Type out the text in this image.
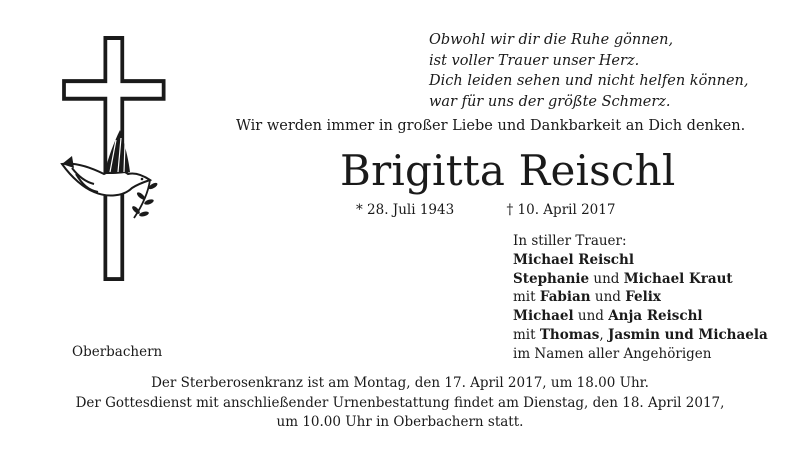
Obwohl wir dir die Ruhe gönnen,
ist voller Trauer unser Herz.
Dich leiden sehen und nicht helfen können,
war für uns der größte Schmerz.
Wir werden immer in großer Liebe und Dankbarkeit an Dich denken.
Brigitta Reischl
* 28. Juli 1943	† 10. April 2017
In stiller Trauer:
Michael Reischl
Stephanie und Michael Kraut
mit Fabian und Felix
Michael und Anja Reischl
mit Thomas, Jasmin und Michaela
im Namen aller Angehörigen
Oberbachern
Der Sterberosenkranz ist am Montag, den 17. April 2017, um 18.00 Uhr.
Der Gottesdienst mit anschließender Urnenbestattung findet am Dienstag, den 18. April 2017,
um 10.00 Uhr in Oberbachern statt.
